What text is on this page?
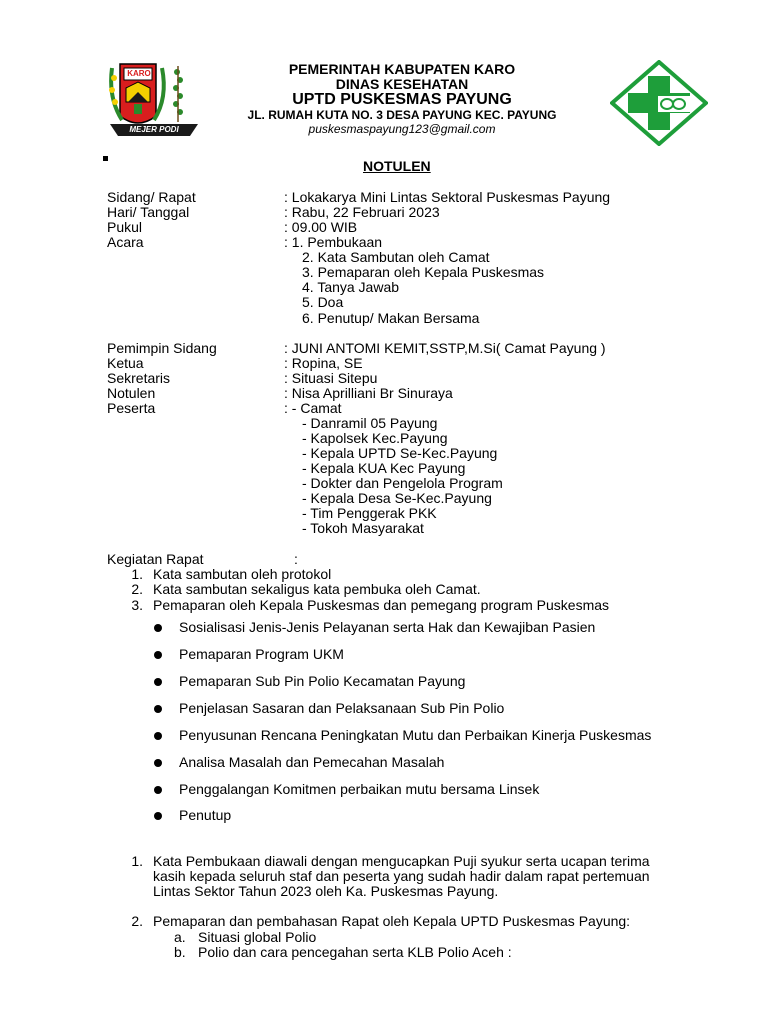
KARO
MEJER PODI
PEMERINTAH KABUPATEN KARO
DINAS KESEHATAN
UPTD PUSKESMAS PAYUNG
JL. RUMAH KUTA NO. 3 DESA PAYUNG KEC. PAYUNG
puskesmaspayung123@gmail.com
NOTULEN
Sidang/ Rapat	: Lokakarya Mini Lintas Sektoral Puskesmas Payung
Hari/ Tanggal	: Rabu, 22 Februari 2023
Pukul	: 09.00 WIB
Acara	: 1. Pembukaan
2. Kata Sambutan oleh Camat
3. Pemaparan oleh Kepala Puskesmas
4. Tanya Jawab
5. Doa
6. Penutup/ Makan Bersama
Pemimpin Sidang	: JUNI ANTOMI KEMIT,SSTP,M.Si( Camat Payung )
Ketua	: Ropina, SE
Sekretaris	: Situasi Sitepu
Notulen	: Nisa Aprilliani Br Sinuraya
Peserta	: - Camat
- Danramil 05 Payung
- Kapolsek Kec.Payung
- Kepala UPTD Se-Kec.Payung
- Kepala KUA Kec Payung
- Dokter dan Pengelola Program
- Kepala Desa Se-Kec.Payung
- Tim Penggerak PKK
- Tokoh Masyarakat
Kegiatan Rapat	:
1. Kata sambutan oleh protokol
2. Kata sambutan sekaligus kata pembuka oleh Camat.
3. Pemaparan oleh Kepala Puskesmas dan pemegang program Puskesmas
Sosialisasi Jenis-Jenis Pelayanan serta Hak dan Kewajiban Pasien
Pemaparan Program UKM
Pemaparan Sub Pin Polio Kecamatan Payung
Penjelasan Sasaran dan Pelaksanaan Sub Pin Polio
Penyusunan Rencana Peningkatan Mutu dan Perbaikan Kinerja Puskesmas
Analisa Masalah dan Pemecahan Masalah
Penggalangan Komitmen perbaikan mutu bersama Linsek
Penutup
1. Kata Pembukaan diawali dengan mengucapkan Puji syukur serta ucapan terima
kasih kepada seluruh staf dan peserta yang sudah hadir dalam rapat pertemuan
Lintas Sektor Tahun 2023 oleh Ka. Puskesmas Payung.
2. Pemaparan dan pembahasan Rapat oleh Kepala UPTD Puskesmas Payung:
a. Situasi global Polio
b. Polio dan cara pencegahan serta KLB Polio Aceh :
